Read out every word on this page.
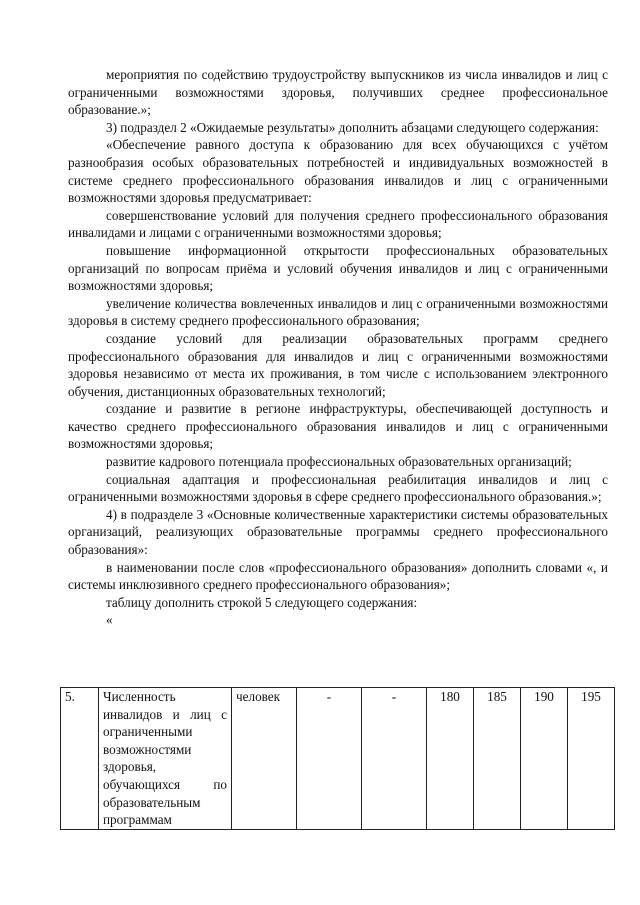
мероприятия по содействию трудоустройству выпускников из числа инвалидов и лиц с ограниченными возможностями здоровья, получивших среднее профессиональное образование.»;

3) подраздел 2 «Ожидаемые результаты» дополнить абзацами следующего содержания:

«Обеспечение равного доступа к образованию для всех обучающихся с учётом разнообразия особых образовательных потребностей и индивидуальных возможностей в системе среднего профессионального образования инвалидов и лиц с ограниченными возможностями здоровья предусматривает:

совершенствование условий для получения среднего профессионального образования инвалидами и лицами с ограниченными возможностями здоровья;

повышение информационной открытости профессиональных образовательных организаций по вопросам приёма и условий обучения инвалидов и лиц с ограниченными возможностями здоровья;

увеличение количества вовлеченных инвалидов и лиц с ограниченными возможностями здоровья в систему среднего профессионального образования;

создание условий для реализации образовательных программ среднего профессионального образования для инвалидов и лиц с ограниченными возможностями здоровья независимо от места их проживания, в том числе с использованием электронного обучения, дистанционных образовательных технологий;

создание и развитие в регионе инфраструктуры, обеспечивающей доступность и качество среднего профессионального образования инвалидов и лиц с ограниченными возможностями здоровья;

развитие кадрового потенциала профессиональных образовательных организаций;

социальная адаптация и профессиональная реабилитация инвалидов и лиц с ограниченными возможностями здоровья в сфере среднего профессионального образования.»;

4) в подразделе 3 «Основные количественные характеристики системы образовательных организаций, реализующих образовательные программы среднего профессионального образования»:

в наименовании после слов «профессионального образования» дополнить словами «, и системы инклюзивного среднего профессионального образования»;

таблицу дополнить строкой 5 следующего содержания:

«
5.	Численность инвалидов и лиц с ограниченными возможностями здоровья, обучающихся по образовательным программам	человек	-	-	180	185	190	195
